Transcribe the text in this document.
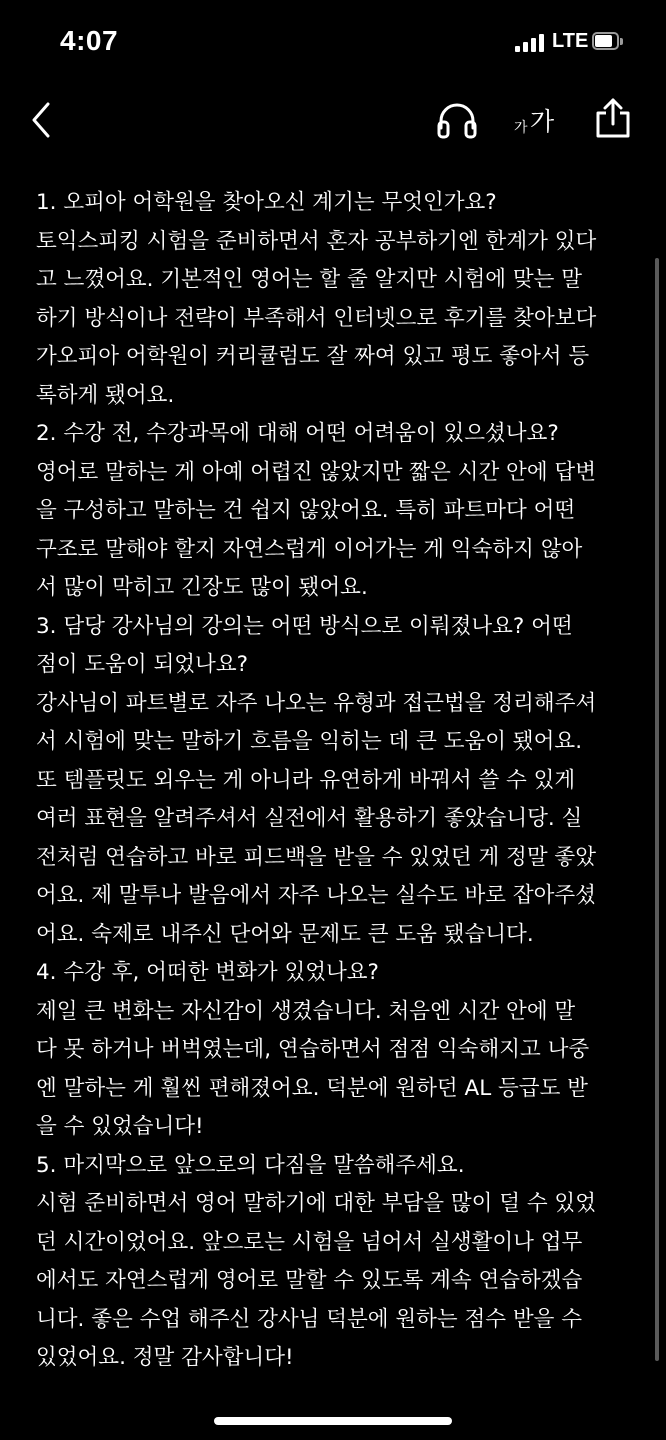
4:07	LTE
가 가

1. 오피아 어학원을 찾아오신 계기는 무엇인가요?

토익스피킹 시험을 준비하면서 혼자 공부하기엔 한계가 있다
고 느꼈어요. 기본적인 영어는 할 줄 알지만 시험에 맞는 말
하기 방식이나 전략이 부족해서 인터넷으로 후기를 찾아보다
가오피아 어학원이 커리큘럼도 잘 짜여 있고 평도 좋아서 등
록하게 됐어요.

2. 수강 전, 수강과목에 대해 어떤 어려움이 있으셨나요?

영어로 말하는 게 아예 어렵진 않았지만 짧은 시간 안에 답변
을 구성하고 말하는 건 쉽지 않았어요. 특히 파트마다 어떤
구조로 말해야 할지 자연스럽게 이어가는 게 익숙하지 않아
서 많이 막히고 긴장도 많이 됐어요.

3. 담당 강사님의 강의는 어떤 방식으로 이뤄졌나요? 어떤
점이 도움이 되었나요?

강사님이 파트별로 자주 나오는 유형과 접근법을 정리해주셔
서 시험에 맞는 말하기 흐름을 익히는 데 큰 도움이 됐어요.
또 템플릿도 외우는 게 아니라 유연하게 바꿔서 쓸 수 있게
여러 표현을 알려주셔서 실전에서 활용하기 좋았습니당. 실
전처럼 연습하고 바로 피드백을 받을 수 있었던 게 정말 좋았
어요. 제 말투나 발음에서 자주 나오는 실수도 바로 잡아주셨
어요. 숙제로 내주신 단어와 문제도 큰 도움 됐습니다.

4. 수강 후, 어떠한 변화가 있었나요?

제일 큰 변화는 자신감이 생겼습니다. 처음엔 시간 안에 말
다 못 하거나 버벅였는데, 연습하면서 점점 익숙해지고 나중
엔 말하는 게 훨씬 편해졌어요. 덕분에 원하던 AL 등급도 받
을 수 있었습니다!

5. 마지막으로 앞으로의 다짐을 말씀해주세요.

시험 준비하면서 영어 말하기에 대한 부담을 많이 덜 수 있었
던 시간이었어요. 앞으로는 시험을 넘어서 실생활이나 업무
에서도 자연스럽게 영어로 말할 수 있도록 계속 연습하겠습
니다. 좋은 수업 해주신 강사님 덕분에 원하는 점수 받을 수
있었어요. 정말 감사합니다!
